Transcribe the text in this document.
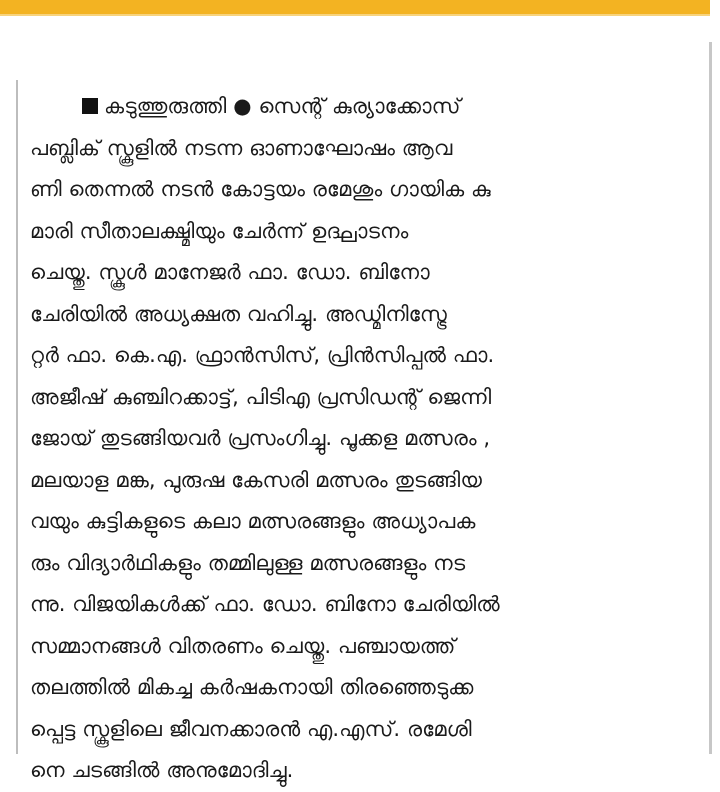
കടുത്തുരുത്തി ● സെന്റ് കുര്യാക്കോസ്
പബ്ലിക് സ്കൂളിൽ നടന്ന ഓണാഘോഷം ആവ
ണി തെന്നൽ നടൻ കോട്ടയം രമേശും ഗായിക കു
മാരി സീതാലക്ഷ്മിയും ചേർന്ന് ഉദ്ഘാടനം
ചെയ്തു. സ്കൂൾ മാനേജർ ഫാ. ഡോ. ബിനോ
ചേരിയിൽ അധ്യക്ഷത വഹിച്ചു. അഡ്മിനിസ്ട്രേ
റ്റർ ഫാ. കെ.എ. ഫ്രാൻസിസ്, പ്രിൻസിപ്പൽ ഫാ.
അജീഷ് കുഞ്ചിറക്കാട്ട്, പിടിഎ പ്രസിഡന്റ് ജെന്നി
ജോയ് തുടങ്ങിയവർ പ്രസംഗിച്ചു. പൂക്കള മത്സരം ,
മലയാള മങ്ക, പുരുഷ കേസരി മത്സരം തുടങ്ങിയ
വയും കുട്ടികളുടെ കലാ മത്സരങ്ങളും അധ്യാപക
രും വിദ്യാർഥികളും തമ്മിലുള്ള മത്സരങ്ങളും നട
ന്നു. വിജയികൾക്ക് ഫാ. ഡോ. ബിനോ ചേരിയിൽ
സമ്മാനങ്ങൾ വിതരണം ചെയ്തു. പഞ്ചായത്ത്
തലത്തിൽ മികച്ച കർഷകനായി തിരഞ്ഞെടുക്ക
പ്പെട്ട സ്കൂളിലെ ജീവനക്കാരൻ എ.എസ്. രമേശി
നെ ചടങ്ങിൽ അനുമോദിച്ചു.
